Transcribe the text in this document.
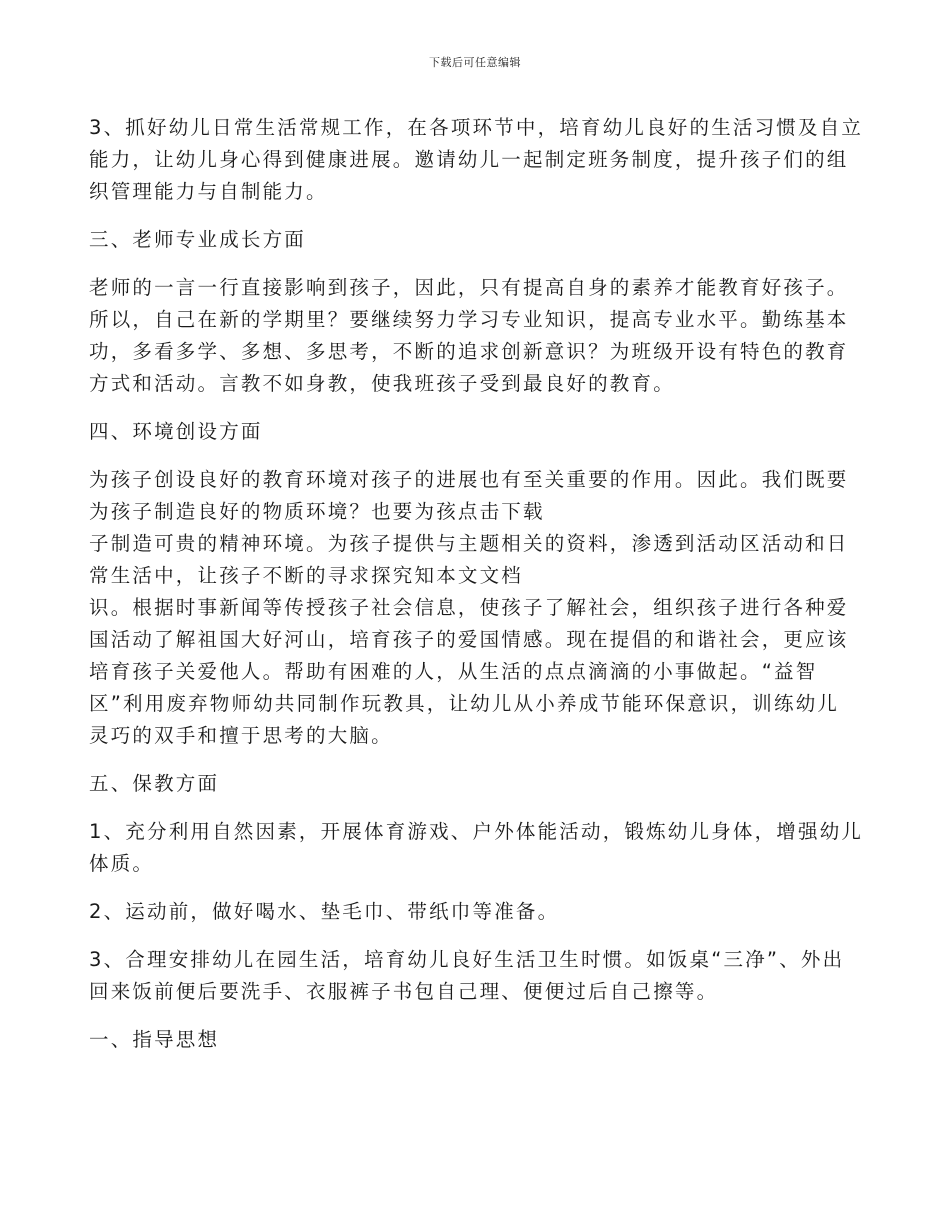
下载后可任意编辑

3、抓好幼儿日常生活常规工作，在各项环节中，培育幼儿良好的生活习惯及自立
能力，让幼儿身心得到健康进展。邀请幼儿一起制定班务制度，提升孩子们的组
织管理能力与自制能力。

三、老师专业成长方面

老师的一言一行直接影响到孩子，因此，只有提高自身的素养才能教育好孩子。
所以，自己在新的学期里？要继续努力学习专业知识，提高专业水平。勤练基本
功，多看多学、多想、多思考，不断的追求创新意识？为班级开设有特色的教育
方式和活动。言教不如身教，使我班孩子受到最良好的教育。

四、环境创设方面

为孩子创设良好的教育环境对孩子的进展也有至关重要的作用。因此。我们既要
为孩子制造良好的物质环境？也要为孩点击下载
子制造可贵的精神环境。为孩子提供与主题相关的资料，渗透到活动区活动和日
常生活中，让孩子不断的寻求探究知本文文档
识。根据时事新闻等传授孩子社会信息，使孩子了解社会，组织孩子进行各种爱
国活动了解祖国大好河山，培育孩子的爱国情感。现在提倡的和谐社会，更应该
培育孩子关爱他人。帮助有困难的人，从生活的点点滴滴的小事做起。“益智
区”利用废弃物师幼共同制作玩教具，让幼儿从小养成节能环保意识，训练幼儿
灵巧的双手和擅于思考的大脑。

五、保教方面

1、充分利用自然因素，开展体育游戏、户外体能活动，锻炼幼儿身体，增强幼儿
体质。

2、运动前，做好喝水、垫毛巾、带纸巾等准备。

3、合理安排幼儿在园生活，培育幼儿良好生活卫生时惯。如饭桌“三净”、外出
回来饭前便后要洗手、衣服裤子书包自己理、便便过后自己擦等。

一、指导思想
